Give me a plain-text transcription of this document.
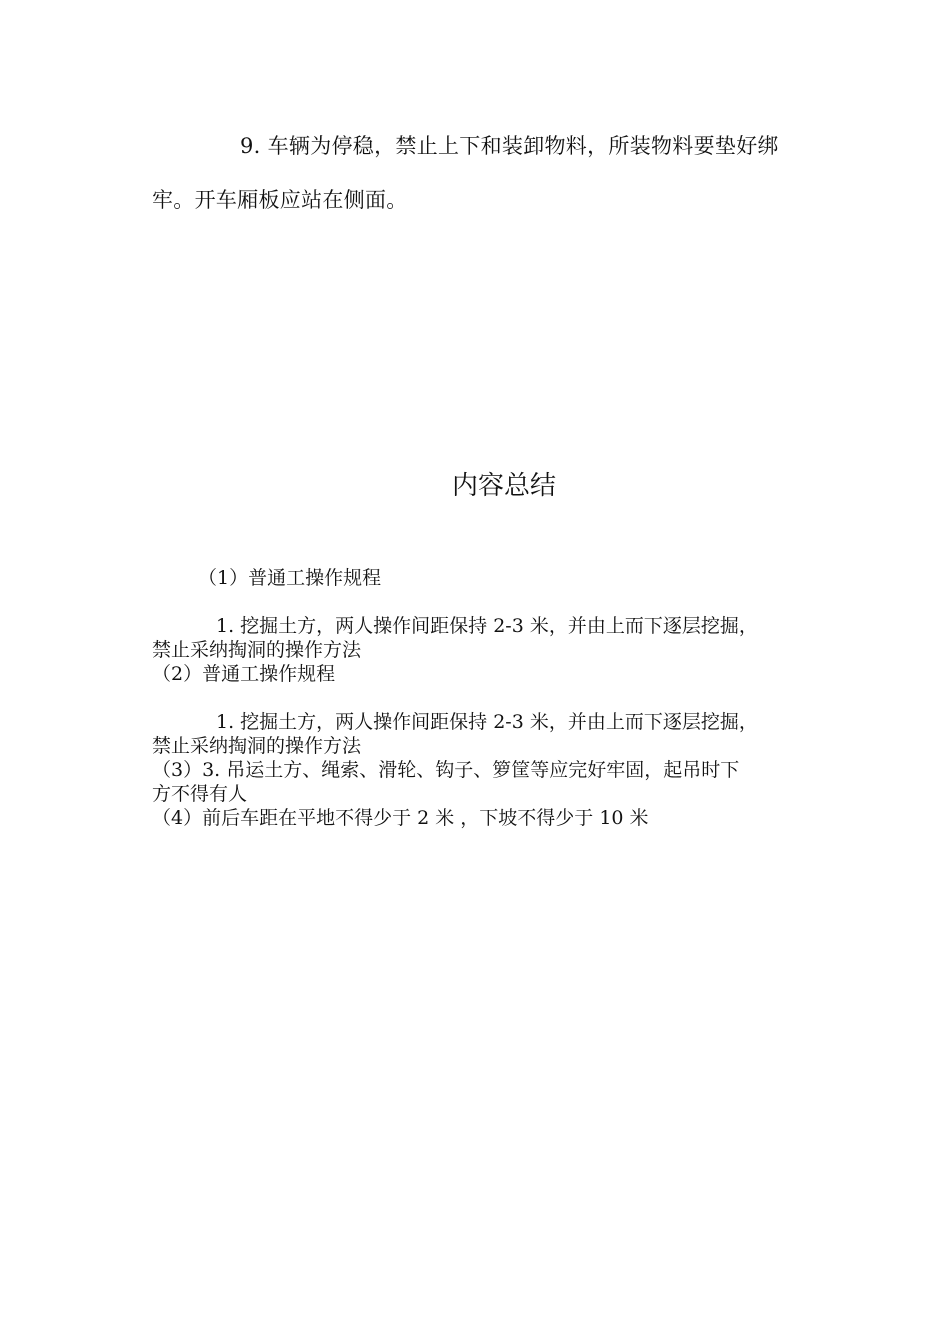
9. 车辆为停稳，禁止上下和装卸物料，所装物料要垫好绑
牢。开车厢板应站在侧面。
内容总结
（1）普通工操作规程
1. 挖掘土方，两人操作间距保持 2-3 米，并由上而下逐层挖掘，
禁止采纳掏洞的操作方法
（2）普通工操作规程
1. 挖掘土方，两人操作间距保持 2-3 米，并由上而下逐层挖掘，
禁止采纳掏洞的操作方法
（3）3. 吊运土方、绳索、滑轮、钩子、箩筐等应完好牢固，起吊时下
方不得有人
（4）前后车距在平地不得少于 2 米 ，下坡不得少于 10 米
